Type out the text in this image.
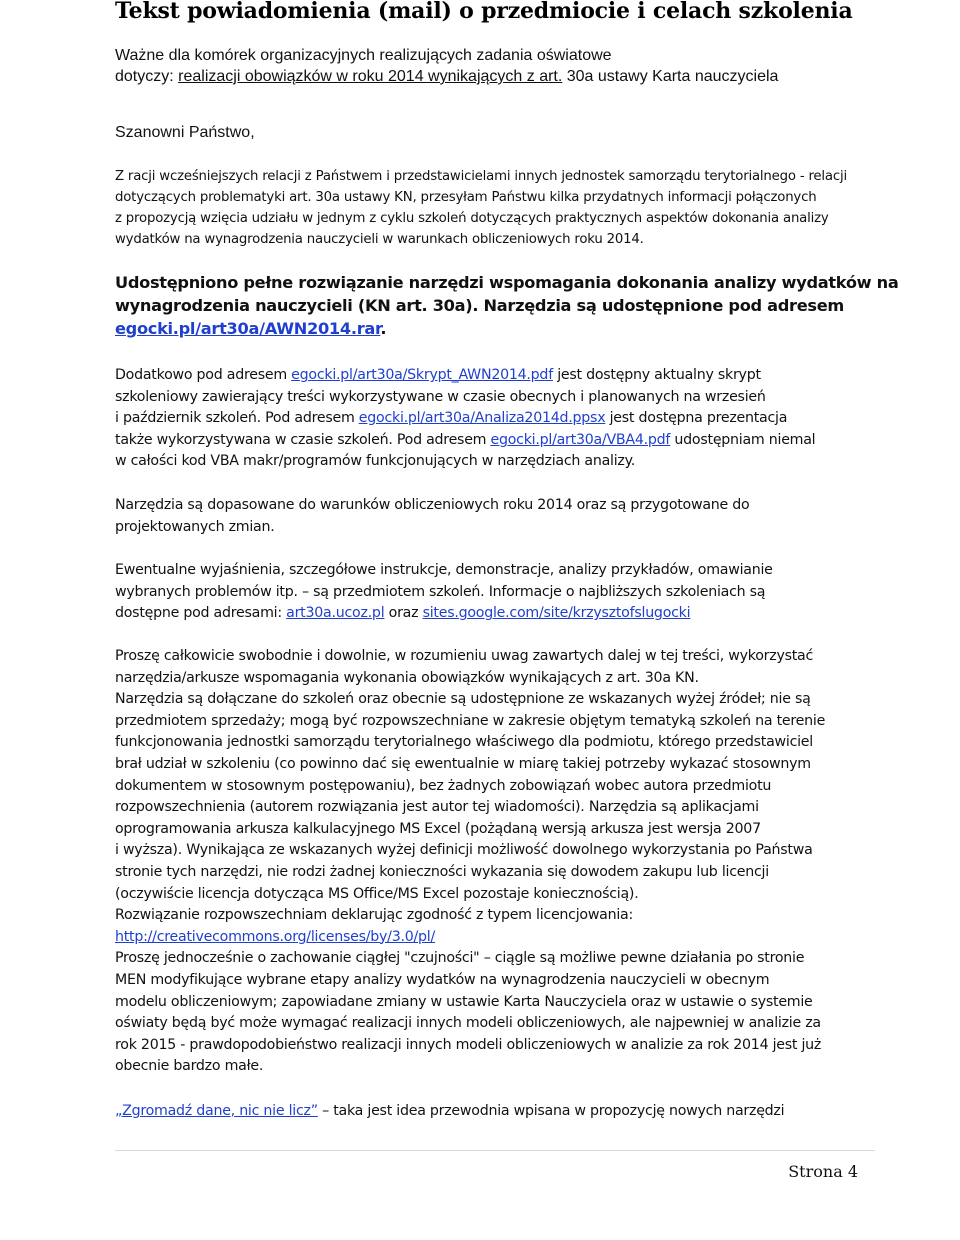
Tekst powiadomienia (mail) o przedmiocie i celach szkolenia
Ważne dla komórek organizacyjnych realizujących zadania oświatowe
dotyczy: realizacji obowiązków w roku 2014 wynikających z art. 30a ustawy Karta nauczyciela
Szanowni Państwo,
Z racji wcześniejszych relacji z Państwem i przedstawicielami innych jednostek samorządu terytorialnego - relacji
dotyczących problematyki art. 30a ustawy KN, przesyłam Państwu kilka przydatnych informacji połączonych
z propozycją wzięcia udziału w jednym z cyklu szkoleń dotyczących praktycznych aspektów dokonania analizy
wydatków na wynagrodzenia nauczycieli w warunkach obliczeniowych roku 2014.
Udostępniono pełne rozwiązanie narzędzi wspomagania dokonania analizy wydatków na
wynagrodzenia nauczycieli (KN art. 30a). Narzędzia są udostępnione pod adresem
egocki.pl/art30a/AWN2014.rar.
Dodatkowo pod adresem egocki.pl/art30a/Skrypt_AWN2014.pdf jest dostępny aktualny skrypt
szkoleniowy zawierający treści wykorzystywane w czasie obecnych i planowanych na wrzesień
i październik szkoleń. Pod adresem egocki.pl/art30a/Analiza2014d.ppsx jest dostępna prezentacja
także wykorzystywana w czasie szkoleń. Pod adresem egocki.pl/art30a/VBA4.pdf udostępniam niemal
w całości kod VBA makr/programów funkcjonujących w narzędziach analizy.
Narzędzia są dopasowane do warunków obliczeniowych roku 2014 oraz są przygotowane do
projektowanych zmian.
Ewentualne wyjaśnienia, szczegółowe instrukcje, demonstracje, analizy przykładów, omawianie
wybranych problemów itp. – są przedmiotem szkoleń. Informacje o najbliższych szkoleniach są
dostępne pod adresami: art30a.ucoz.pl oraz sites.google.com/site/krzysztofslugocki
Proszę całkowicie swobodnie i dowolnie, w rozumieniu uwag zawartych dalej w tej treści, wykorzystać
narzędzia/arkusze wspomagania wykonania obowiązków wynikających z art. 30a KN.
Narzędzia są dołączane do szkoleń oraz obecnie są udostępnione ze wskazanych wyżej źródeł; nie są
przedmiotem sprzedaży; mogą być rozpowszechniane w zakresie objętym tematyką szkoleń na terenie
funkcjonowania jednostki samorządu terytorialnego właściwego dla podmiotu, którego przedstawiciel
brał udział w szkoleniu (co powinno dać się ewentualnie w miarę takiej potrzeby wykazać stosownym
dokumentem w stosownym postępowaniu), bez żadnych zobowiązań wobec autora przedmiotu
rozpowszechnienia (autorem rozwiązania jest autor tej wiadomości). Narzędzia są aplikacjami
oprogramowania arkusza kalkulacyjnego MS Excel (pożądaną wersją arkusza jest wersja 2007
i wyższa). Wynikająca ze wskazanych wyżej definicji możliwość dowolnego wykorzystania po Państwa
stronie tych narzędzi, nie rodzi żadnej konieczności wykazania się dowodem zakupu lub licencji
(oczywiście licencja dotycząca MS Office/MS Excel pozostaje koniecznością).
Rozwiązanie rozpowszechniam deklarując zgodność z typem licencjowania:
http://creativecommons.org/licenses/by/3.0/pl/
Proszę jednocześnie o zachowanie ciągłej "czujności" – ciągle są możliwe pewne działania po stronie
MEN modyfikujące wybrane etapy analizy wydatków na wynagrodzenia nauczycieli w obecnym
modelu obliczeniowym; zapowiadane zmiany w ustawie Karta Nauczyciela oraz w ustawie o systemie
oświaty będą być może wymagać realizacji innych modeli obliczeniowych, ale najpewniej w analizie za
rok 2015 - prawdopodobieństwo realizacji innych modeli obliczeniowych w analizie za rok 2014 jest już
obecnie bardzo małe.
„Zgromadź dane, nic nie licz” – taka jest idea przewodnia wpisana w propozycję nowych narzędzi
Strona 4
